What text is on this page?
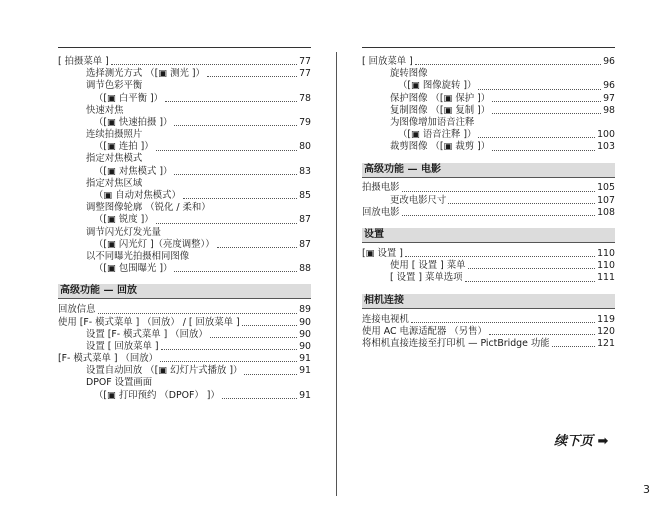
[ 拍摄菜单 ]	77
选择测光方式 （[▣ 测光 ]）	77
调节色彩平衡
（[▣ 白平衡 ]）	78
快速对焦
（[▣ 快速拍摄 ]）	79
连续拍摄照片
（[▣ 连拍 ]）	80
指定对焦模式
（[▣ 对焦模式 ]）	83
指定对焦区域
（▣ 自动对焦模式）	85
调整图像轮廓 （锐化 / 柔和）
（[▣ 锐度 ]）	87
调节闪光灯发光量
（[▣ 闪光灯 ]（亮度调整））	87
以不同曝光拍摄相同图像
（[▣ 包围曝光 ]）	88
高级功能 — 回放
回放信息	89
使用 [F- 模式菜单 ] （回放） / [ 回放菜单 ]	90
设置 [F- 模式菜单 ] （回放）	90
设置 [ 回放菜单 ]	90
[F- 模式菜单 ] （回放）	91
设置自动回放 （[▣ 幻灯片式播放 ]）	91
DPOF 设置画面
（[▣ 打印预约 （DPOF） ]）	91
[ 回放菜单 ]	96
旋转图像
（[▣ 图像旋转 ]）	96
保护图像 （[▣ 保护 ]）	97
复制图像 （[▣ 复制 ]）	98
为图像增加语音注释
（[▣ 语音注释 ]）	100
裁剪图像 （[▣ 裁剪 ]）	103
高级功能 — 电影
拍摄电影	105
更改电影尺寸	107
回放电影	108
设置
[▣ 设置 ]	110
使用 [ 设置 ] 菜单	110
[ 设置 ] 菜单选项	111
相机连接
连接电视机	119
使用 AC 电源适配器 （另售）	120
将相机直接连接至打印机 — PictBridge 功能	121
续下页 ➡
3
